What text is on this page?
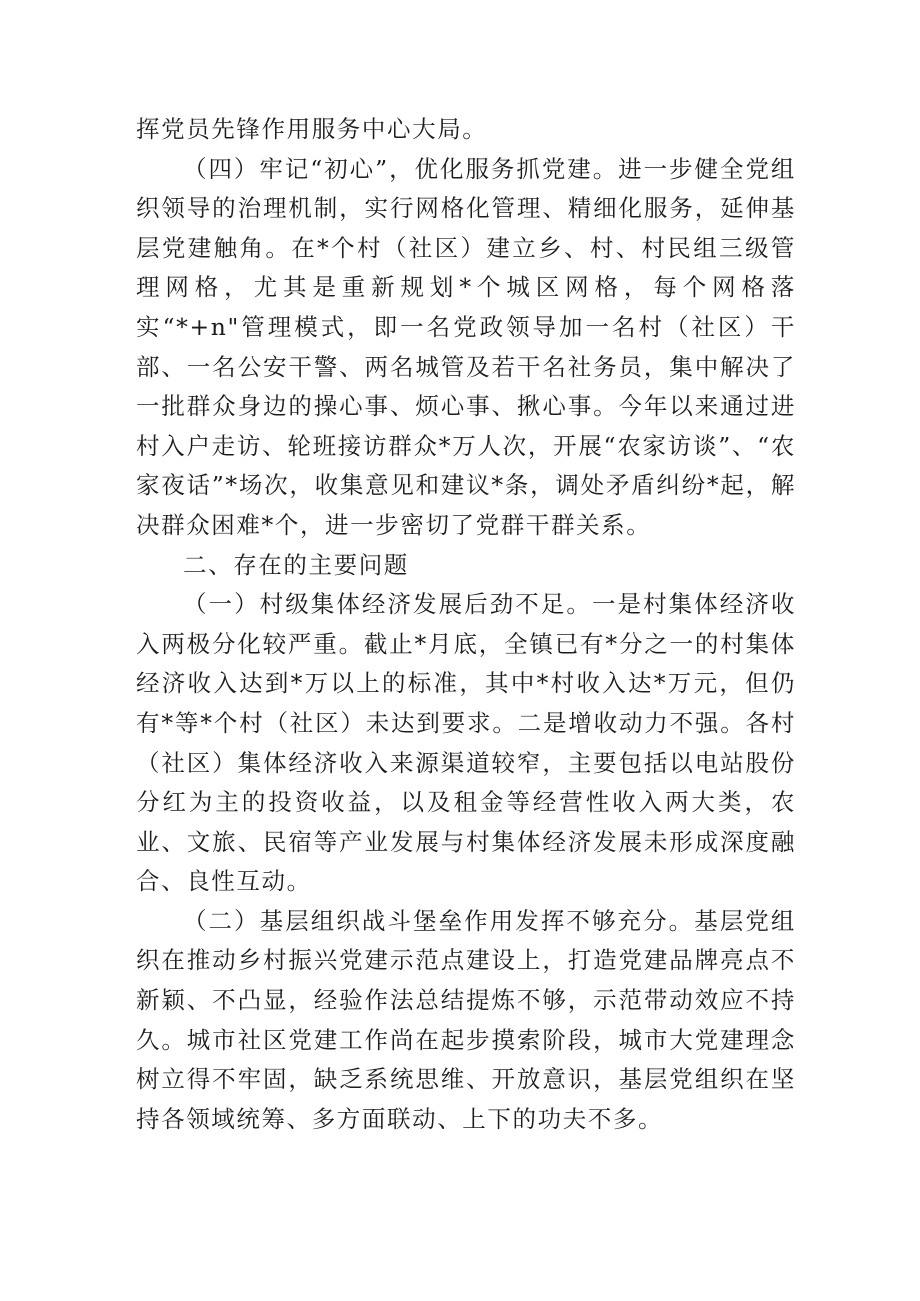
挥党员先锋作用服务中心大局。

（四）牢记“初心”，优化服务抓党建。进一步健全党组织领导的治理机制，实行网格化管理、精细化服务，延伸基层党建触角。在*个村（社区）建立乡、村、村民组三级管理网格，尤其是重新规划*个城区网格，每个网格落实“*+n"管理模式，即一名党政领导加一名村（社区）干部、一名公安干警、两名城管及若干名社务员，集中解决了一批群众身边的操心事、烦心事、揪心事。今年以来通过进村入户走访、轮班接访群众*万人次，开展“农家访谈”、“农家夜话”*场次，收集意见和建议*条，调处矛盾纠纷*起，解决群众困难*个，进一步密切了党群干群关系。

二、存在的主要问题

（一）村级集体经济发展后劲不足。一是村集体经济收入两极分化较严重。截止*月底，全镇已有*分之一的村集体经济收入达到*万以上的标准，其中*村收入达*万元，但仍有*等*个村（社区）未达到要求。二是增收动力不强。各村（社区）集体经济收入来源渠道较窄，主要包括以电站股份分红为主的投资收益，以及租金等经营性收入两大类，农业、文旅、民宿等产业发展与村集体经济发展未形成深度融合、良性互动。

（二）基层组织战斗堡垒作用发挥不够充分。基层党组织在推动乡村振兴党建示范点建设上，打造党建品牌亮点不新颖、不凸显，经验作法总结提炼不够，示范带动效应不持久。城市社区党建工作尚在起步摸索阶段，城市大党建理念树立得不牢固，缺乏系统思维、开放意识，基层党组织在坚持各领域统筹、多方面联动、上下的功夫不多。
